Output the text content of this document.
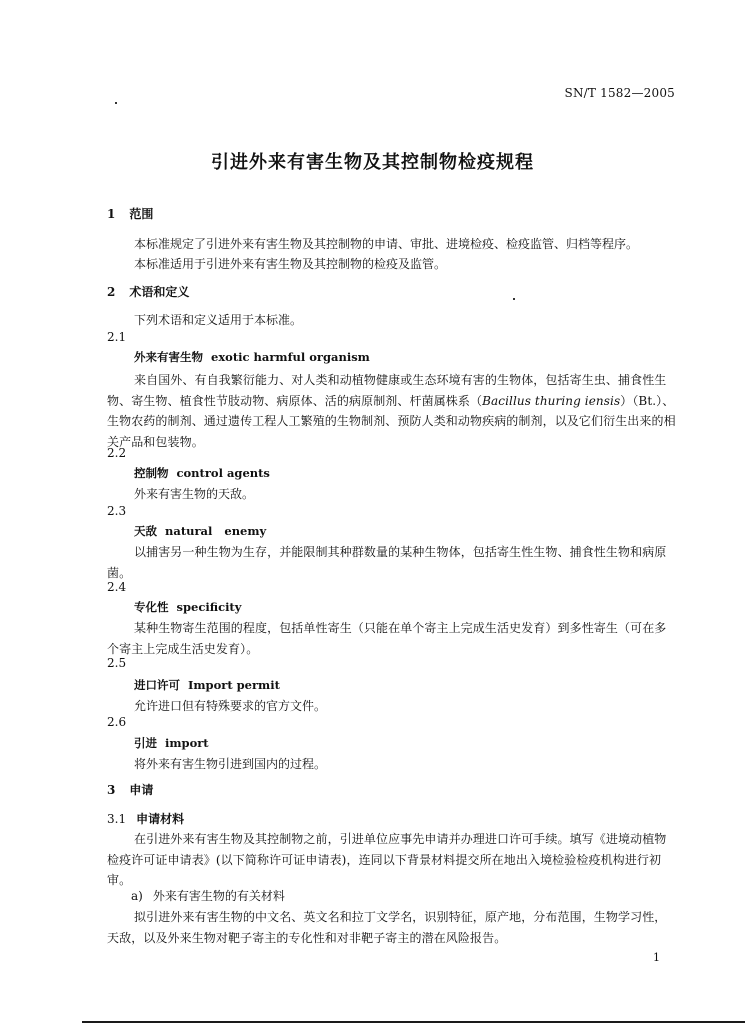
SN/T 1582—2005
引进外来有害生物及其控制物检疫规程
1 范围
本标准规定了引进外来有害生物及其控制物的申请、审批、进境检疫、检疫监管、归档等程序。
本标准适用于引进外来有害生物及其控制物的检疫及监管。
2 术语和定义
下列术语和定义适用于本标准。
2.1
外来有害生物 exotic harmful organism
来自国外、有自我繁衍能力、对人类和动植物健康或生态环境有害的生物体，包括寄生虫、捕食性生物、寄生物、植食性节肢动物、病原体、活的病原制剂、杆菌属株系（Bacillus thuring iensis）（Bt.）、生物农药的制剂、通过遗传工程人工繁殖的生物制剂、预防人类和动物疾病的制剂，以及它们衍生出来的相关产品和包装物。
2.2
控制物 control agents
外来有害生物的天敌。
2.3
天敌 natural   enemy
以捕害另一种生物为生存，并能限制其种群数量的某种生物体，包括寄生性生物、捕食性生物和病原菌。
2.4
专化性 specificity
某种生物寄生范围的程度，包括单性寄生（只能在单个寄主上完成生活史发育）到多性寄生（可在多个寄主上完成生活史发育）。
2.5
进口许可 Import permit
允许进口但有特殊要求的官方文件。
2.6
引进 import
将外来有害生物引进到国内的过程。
3 申请
3.1 申请材料
在引进外来有害生物及其控制物之前，引进单位应事先申请并办理进口许可手续。填写《进境动植物检疫许可证申请表》(以下简称许可证申请表)，连同以下背景材料提交所在地出入境检验检疫机构进行初审。
a) 外来有害生物的有关材料
拟引进外来有害生物的中文名、英文名和拉丁文学名，识别特征，原产地，分布范围，生物学习性，天敌，以及外来生物对靶子寄主的专化性和对非靶子寄主的潜在风险报告。
1
